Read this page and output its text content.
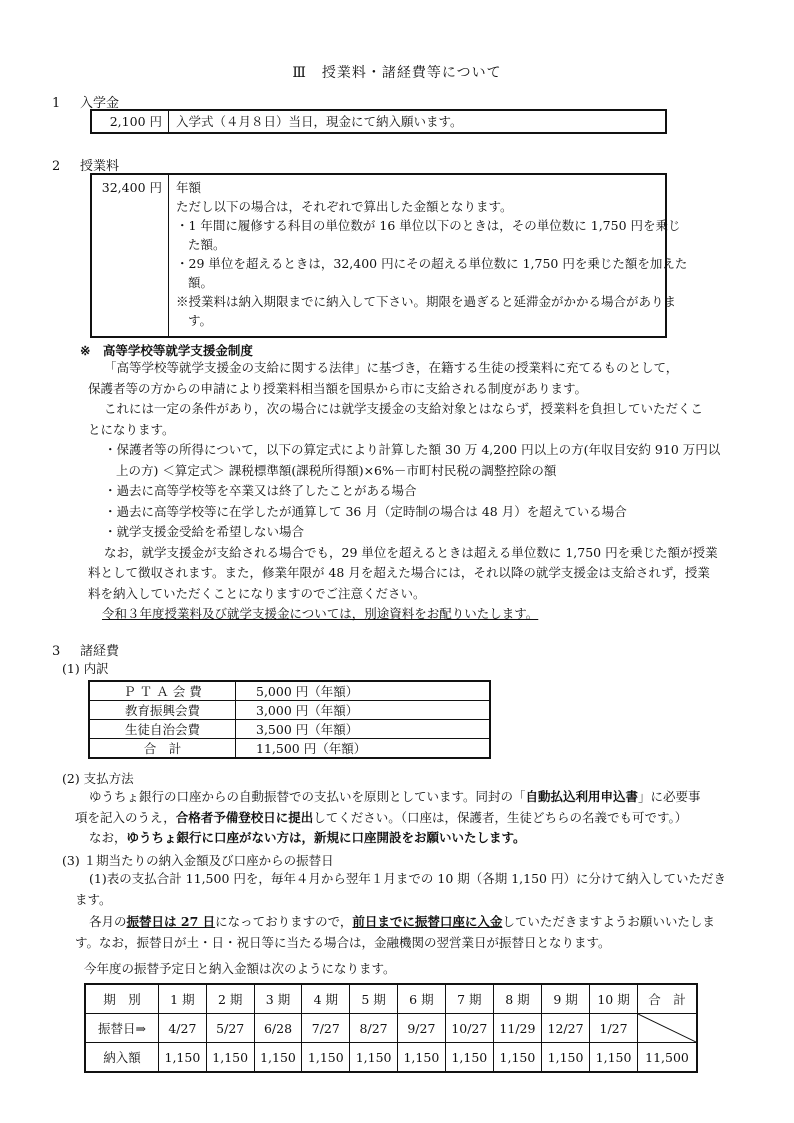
Ⅲ　授業料・諸経費等について
1 入学金
2,100 円	入学式（４月８日）当日，現金にて納入願います。
2 授業料
32,400 円	年額
ただし以下の場合は，それぞれで算出した金額となります。
・1 年間に履修する科目の単位数が 16 単位以下のときは，その単位数に 1,750 円を乗じ
た額。
・29 単位を超えるときは，32,400 円にその超える単位数に 1,750 円を乗じた額を加えた
額。
※授業料は納入期限までに納入して下さい。期限を過ぎると延滞金がかかる場合がありま
す。
※ 高等学校等就学支援金制度
「高等学校等就学支援金の支給に関する法律」に基づき，在籍する生徒の授業料に充てるものとして，
保護者等の方からの申請により授業料相当額を国県から市に支給される制度があります。
これには一定の条件があり，次の場合には就学支援金の支給対象とはならず，授業料を負担していただくこ
とになります。
・保護者等の所得について，以下の算定式により計算した額 30 万 4,200 円以上の方(年収目安約 910 万円以
上の方) ＜算定式＞ 課税標準額(課税所得額)×6%－市町村民税の調整控除の額
・過去に高等学校等を卒業又は終了したことがある場合
・過去に高等学校等に在学したが通算して 36 月（定時制の場合は 48 月）を超えている場合
・就学支援金受給を希望しない場合
なお，就学支援金が支給される場合でも，29 単位を超えるときは超える単位数に 1,750 円を乗じた額が授業
料として徴収されます。また，修業年限が 48 月を超えた場合には，それ以降の就学支援金は支給されず，授業
料を納入していただくことになりますのでご注意ください。
令和３年度授業料及び就学支援金については，別途資料をお配りいたします。
3 諸経費
(1) 内訳
Ｐ Ｔ Ａ 会 費	5,000 円（年額）
教育振興会費	3,000 円（年額）
生徒自治会費	3,500 円（年額）
合　計	11,500 円（年額）
(2) 支払方法
ゆうちょ銀行の口座からの自動振替での支払いを原則としています。同封の「自動払込利用申込書」に必要事
項を記入のうえ，合格者予備登校日に提出してください。（口座は，保護者，生徒どちらの名義でも可です。）
なお，ゆうちょ銀行に口座がない方は，新規に口座開設をお願いいたします。
(3) １期当たりの納入金額及び口座からの振替日
(1)表の支払合計 11,500 円を，毎年４月から翌年１月までの 10 期（各期 1,150 円）に分けて納入していただき
ます。
各月の振替日は 27 日になっておりますので，前日までに振替口座に入金していただきますようお願いいたしま
す。なお，振替日が土・日・祝日等に当たる場合は，金融機関の翌営業日が振替日となります。
今年度の振替予定日と納入金額は次のようになります。
期　別	1 期	2 期	3 期	4 期	5 期	6 期	7 期	8 期	9 期	10 期	合　計
振替日⇒	4/27	5/27	6/28	7/27	8/27	9/27	10/27	11/29	12/27	1/27	

納入額	1,150	1,150	1,150	1,150	1,150	1,150	1,150	1,150	1,150	1,150	11,500
